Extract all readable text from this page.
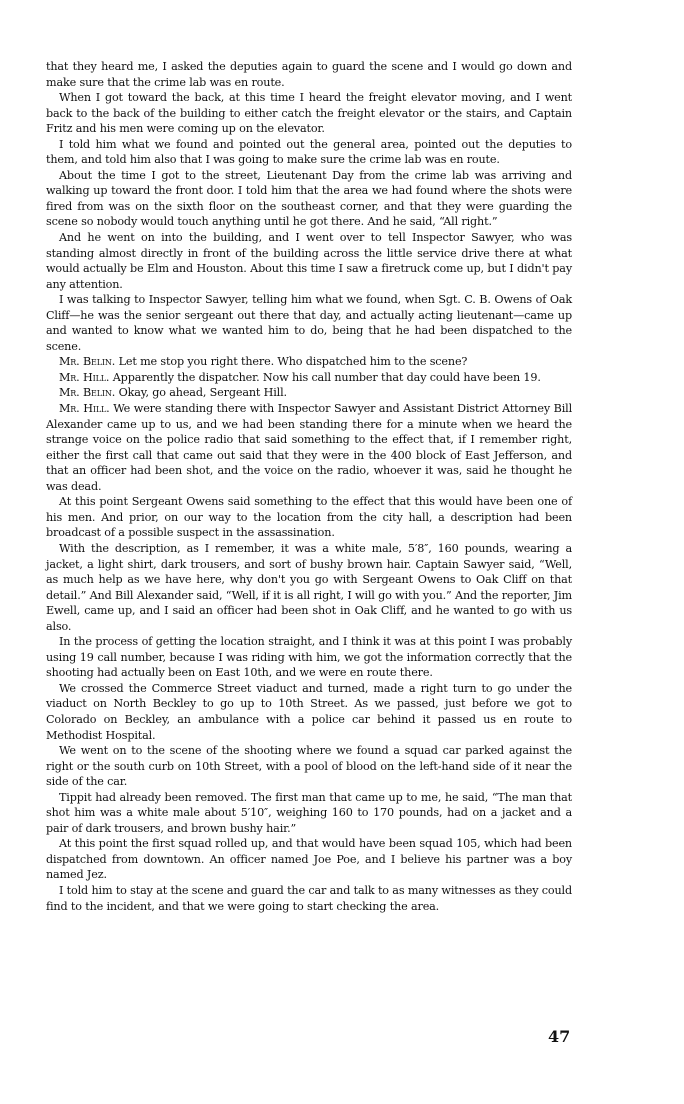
that they heard me, I asked the deputies again to guard the scene and I would go down and make sure that the crime lab was en route.

When I got toward the back, at this time I heard the freight elevator moving, and I went back to the back of the building to either catch the freight elevator or the stairs, and Captain Fritz and his men were coming up on the elevator.

I told him what we found and pointed out the general area, pointed out the deputies to them, and told him also that I was going to make sure the crime lab was en route.

About the time I got to the street, Lieutenant Day from the crime lab was arriving and walking up toward the front door. I told him that the area we had found where the shots were fired from was on the sixth floor on the southeast corner, and that they were guarding the scene so nobody would touch anything until he got there. And he said, “All right.”

And he went on into the building, and I went over to tell Inspector Sawyer, who was standing almost directly in front of the building across the little service drive there at what would actually be Elm and Houston. About this time I saw a firetruck come up, but I didn't pay any attention.

I was talking to Inspector Sawyer, telling him what we found, when Sgt. C. B. Owens of Oak Cliff—he was the senior sergeant out there that day, and actually acting lieutenant—came up and wanted to know what we wanted him to do, being that he had been dispatched to the scene.

Mr. Belin. Let me stop you right there. Who dispatched him to the scene?

Mr. Hill. Apparently the dispatcher. Now his call number that day could have been 19.

Mr. Belin. Okay, go ahead, Sergeant Hill.

Mr. Hill. We were standing there with Inspector Sawyer and Assistant District Attorney Bill Alexander came up to us, and we had been standing there for a minute when we heard the strange voice on the police radio that said something to the effect that, if I remember right, either the first call that came out said that they were in the 400 block of East Jefferson, and that an officer had been shot, and the voice on the radio, whoever it was, said he thought he was dead.

At this point Sergeant Owens said something to the effect that this would have been one of his men. And prior, on our way to the location from the city hall, a description had been broadcast of a possible suspect in the assassination.

With the description, as I remember, it was a white male, 5′8″, 160 pounds, wearing a jacket, a light shirt, dark trousers, and sort of bushy brown hair. Captain Sawyer said, “Well, as much help as we have here, why don't you go with Sergeant Owens to Oak Cliff on that detail.” And Bill Alexander said, “Well, if it is all right, I will go with you.” And the reporter, Jim Ewell, came up, and I said an officer had been shot in Oak Cliff, and he wanted to go with us also.

In the process of getting the location straight, and I think it was at this point I was probably using 19 call number, because I was riding with him, we got the information correctly that the shooting had actually been on East 10th, and we were en route there.

We crossed the Commerce Street viaduct and turned, made a right turn to go under the viaduct on North Beckley to go up to 10th Street. As we passed, just before we got to Colorado on Beckley, an ambulance with a police car behind it passed us en route to Methodist Hospital.

We went on to the scene of the shooting where we found a squad car parked against the right or the south curb on 10th Street, with a pool of blood on the left-hand side of it near the side of the car.

Tippit had already been removed. The first man that came up to me, he said, “The man that shot him was a white male about 5′10″, weighing 160 to 170 pounds, had on a jacket and a pair of dark trousers, and brown bushy hair.”

At this point the first squad rolled up, and that would have been squad 105, which had been dispatched from downtown. An officer named Joe Poe, and I believe his partner was a boy named Jez.

I told him to stay at the scene and guard the car and talk to as many witnesses as they could find to the incident, and that we were going to start checking the area.

47
